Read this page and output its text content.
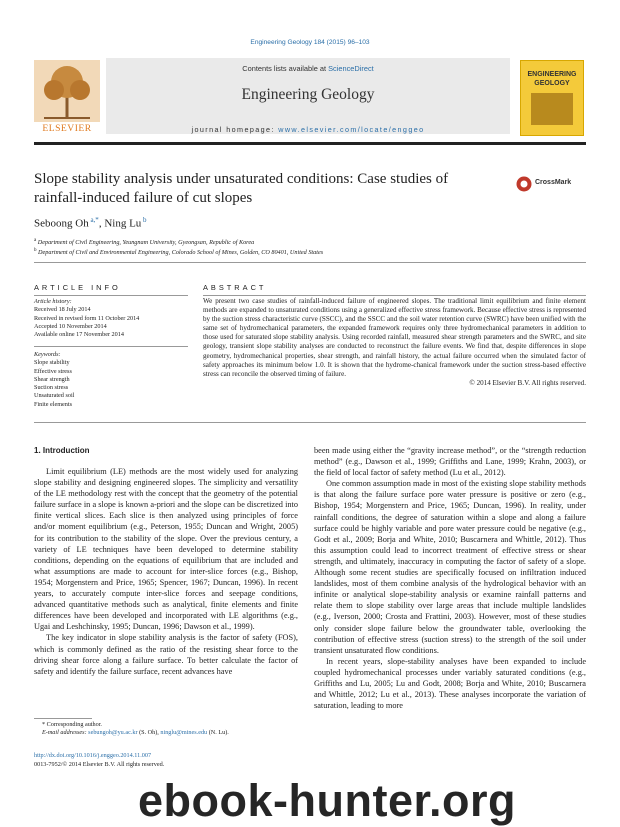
Engineering Geology 184 (2015) 96–103
ELSEVIER
Contents lists available at ScienceDirect
Engineering Geology
ENGINEERING
GEOLOGY
journal homepage: www.elsevier.com/locate/enggeo
Slope stability analysis under unsaturated conditions: Case studies of
rainfall-induced failure of cut slopes
CrossMark
Seboong Oh $^{a,*}$, Ning Lu $^b$
$^a$ Department of Civil Engineering, Yeungnam University, Gyeongsan, Republic of Korea
$^b$ Department of Civil and Environmental Engineering, Colorado School of Mines, Golden, CO 80401, United States
ARTICLE INFO
Article history:
Received 18 July 2014
Received in revised form 11 October 2014
Accepted 10 November 2014
Available online 17 November 2014
Keywords:
Slope stability
Effective stress
Shear strength
Suction stress
Unsaturated soil
Finite elements
ABSTRACT
We present two case studies of rainfall-induced failure of engineered slopes. The traditional limit equilibrium and finite element methods are expanded to unsaturated conditions using a generalized effective stress framework. Because effective stress is represented by the suction stress characteristic curve (SSCC), and the SSCC and the soil water retention curve (SWRC) have been unified with the same set of hydromechanical parameters, the expanded framework requires only three hydromechanical parameters in addition to those used for saturated slope stability analysis. Using recorded rainfall, measured shear strength parameters and the SWRC, and site geology, transient slope stability analyses are conducted to reconstruct the failure events. We find that, despite differences in slope geometry, hydromechanical properties, shear strength, and rainfall history, the actual failure occurred when the simulated factor of safety approaches its minimum below 1.0. It is shown that the hydrome-chanical framework under the suction stress-based effective stress can reconcile the observed timing of failure.
© 2014 Elsevier B.V. All rights reserved.
1. Introduction

Limit equilibrium (LE) methods are the most widely used for analyzing slope stability and designing engineered slopes. The simplicity and versatility of the LE methodology rest with the concept that the geometry of the potential failure surface in a slope is known a-priori and the slope can be discretized into finite vertical slices. Each slice is then analyzed using principles of force and/or moment equilibrium (e.g., Peterson, 1955; Duncan and Wright, 2005) for its contribution to the stability of the slope. Over the previous century, a variety of LE techniques have been developed to determine stability conditions, depending on the equations of equilibrium that are included and what assumptions are made to account for inter-slice forces (e.g., Bishop, 1954; Morgenstern and Price, 1965; Spencer, 1967; Duncan, 1996). In recent years, to accurately compute inter-slice forces and seepage conditions, advanced quantitative methods such as analytical, finite elements and finite differences have been developed and incorporated with LE algorithms (e.g., Ugai and Leshchinsky, 1995; Duncan, 1996; Dawson et al., 1999).

The key indicator in slope stability analysis is the factor of safety (FOS), which is commonly defined as the ratio of the resisting shear force to the driving shear force along a failure surface. To better calculate the factor of safety and identify the failure surface, recent advances have

been made using either the “gravity increase method”, or the “strength reduction method” (e.g., Dawson et al., 1999; Griffiths and Lane, 1999; Krahn, 2003), or the field of local factor of safety method (Lu et al., 2012).

One common assumption made in most of the existing slope stability methods is that along the failure surface pore water pressure is positive or zero (e.g., Bishop, 1954; Morgenstern and Price, 1965; Duncan, 1996). In reality, under rainfall conditions, the degree of saturation within a slope and along a failure surface could be highly variable and pore water pressure could be negative (e.g., Godt et al., 2009; Borja and White, 2010; Buscarnera and Whittle, 2012). Thus this assumption could lead to incorrect treatment of effective stress or shear strength, and ultimately, inaccuracy in computing the factor of safety of a slope. Although some recent studies are specifically focused on infiltration induced landslides, most of them combine analysis of the hydrological behavior with an infinite or analytical slope-stability analysis or examine rainfall patterns and relate them to slope stability over large areas that include multiple landslides (e.g., Iverson, 2000; Crosta and Frattini, 2003). However, most of these studies only consider slope failure below the groundwater table, overlooking the contribution of effective stress (suction stress) to the strength of the soil under transient unsaturated flow conditions.

In recent years, slope-stability analyses have been expanded to include coupled hydromechanical processes under variably saturated conditions (e.g., Griffiths and Lu, 2005; Lu and Godt, 2008; Borja and White, 2010; Buscarnera and Whittle, 2012; Lu et al., 2013). These analyses incorporate the variation of saturation, leading to more

* Corresponding author.
E-mail addresses: sebungoh@yu.ac.kr (S. Oh), ninglu@mines.edu (N. Lu).
http://dx.doi.org/10.1016/j.enggeo.2014.11.007
0013-7952/© 2014 Elsevier B.V. All rights reserved.
ebook-hunter.org
